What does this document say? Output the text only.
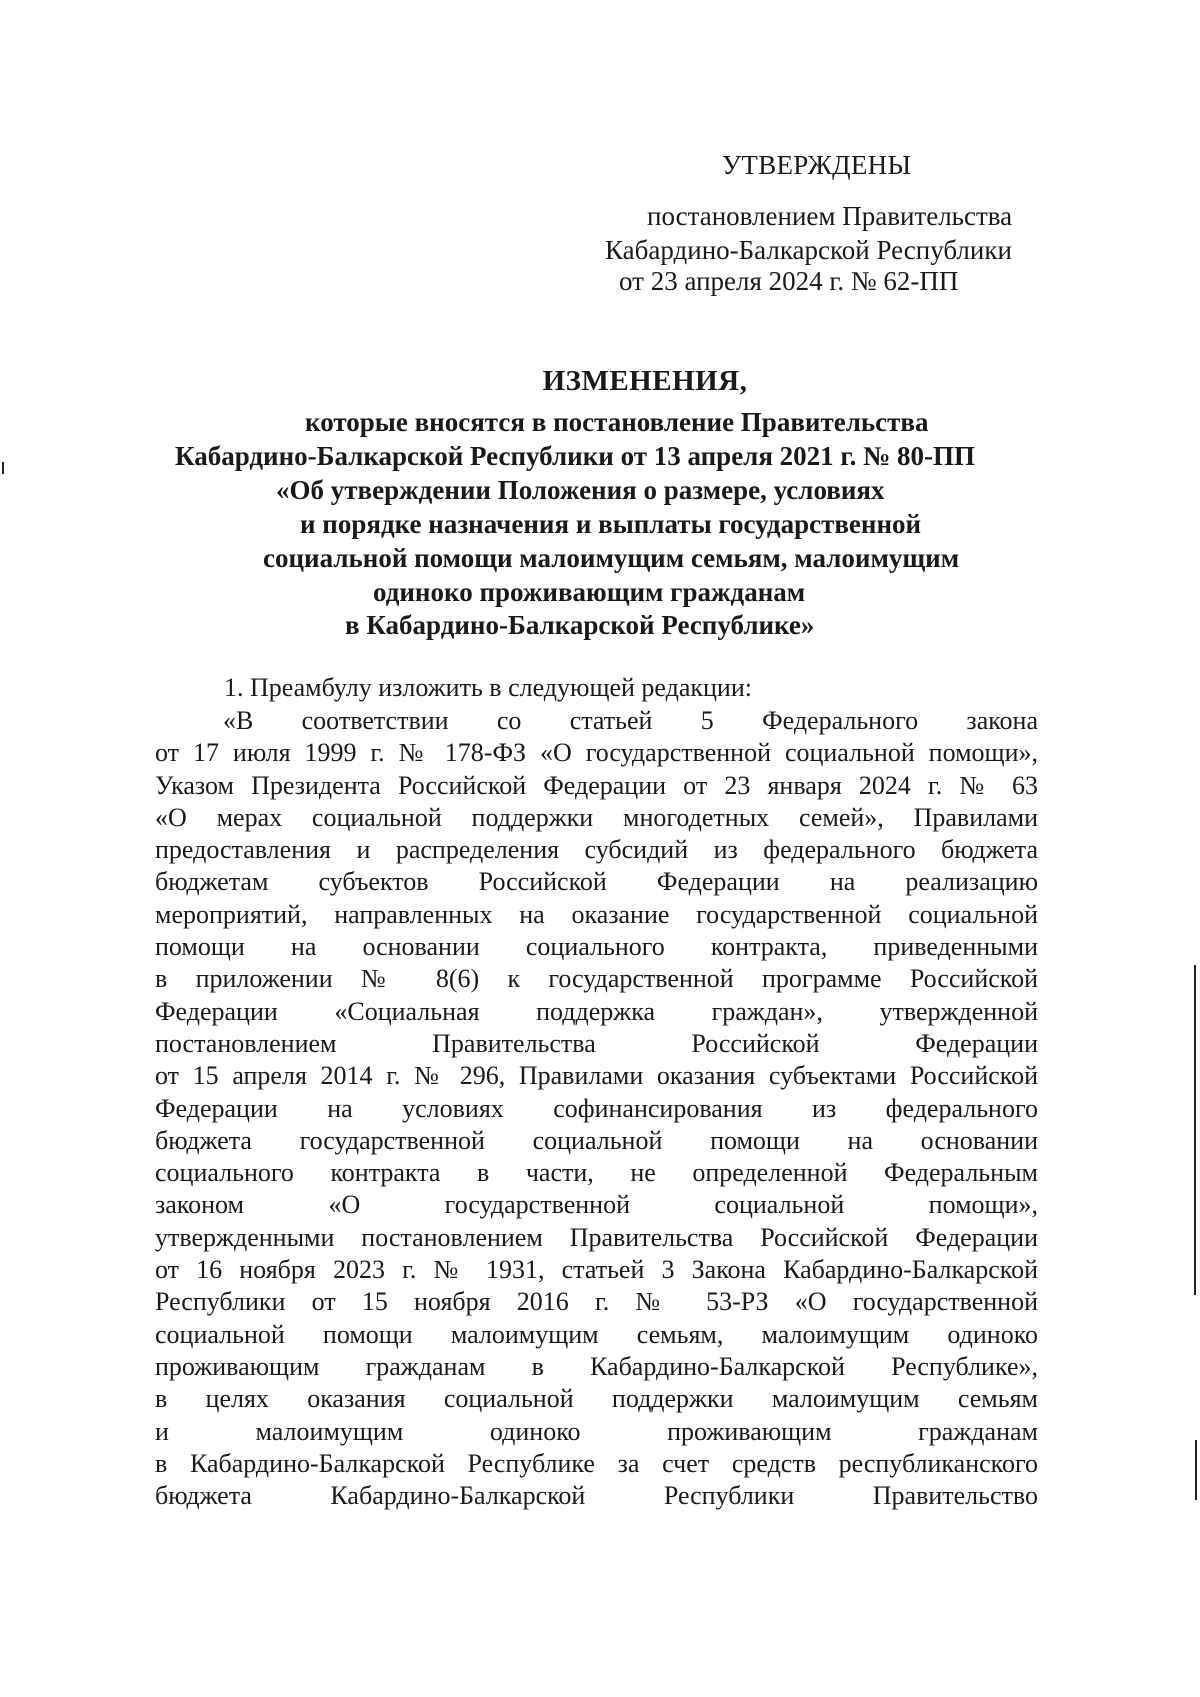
УТВЕРЖДЕНЫ
постановлением Правительства
Кабардино-Балкарской Республики
от 23 апреля 2024 г. № 62-ПП
ИЗМЕНЕНИЯ,
которые вносятся в постановление Правительства
Кабардино-Балкарской Республики от 13 апреля 2021 г. № 80-ПП
«Об утверждении Положения о размере, условиях
и порядке назначения и выплаты государственной
социальной помощи малоимущим семьям, малоимущим
одиноко проживающим гражданам
в Кабардино-Балкарской Республике»
1. Преамбулу изложить в следующей редакции:
«В соответствии со статьей 5 Федерального закона
от 17 июля 1999 г. № 178-ФЗ «О государственной социальной помощи»,
Указом Президента Российской Федерации от 23 января 2024 г. № 63
«О мерах социальной поддержки многодетных семей», Правилами
предоставления и распределения субсидий из федерального бюджета
бюджетам субъектов Российской Федерации на реализацию
мероприятий, направленных на оказание государственной социальной
помощи на основании социального контракта, приведенными
в приложении № 8(6) к государственной программе Российской
Федерации «Социальная поддержка граждан», утвержденной
постановлением Правительства Российской Федерации
от 15 апреля 2014 г. № 296, Правилами оказания субъектами Российской
Федерации на условиях софинансирования из федерального
бюджета государственной социальной помощи на основании
социального контракта в части, не определенной Федеральным
законом «О государственной социальной помощи»,
утвержденными постановлением Правительства Российской Федерации
от 16 ноября 2023 г. № 1931, статьей 3 Закона Кабардино-Балкарской
Республики от 15 ноября 2016 г. № 53-РЗ «О государственной
социальной помощи малоимущим семьям, малоимущим одиноко
проживающим гражданам в Кабардино-Балкарской Республике»,
в целях оказания социальной поддержки малоимущим семьям
и малоимущим одиноко проживающим гражданам
в Кабардино-Балкарской Республике за счет средств республиканского
бюджета Кабардино-Балкарской Республики Правительство
